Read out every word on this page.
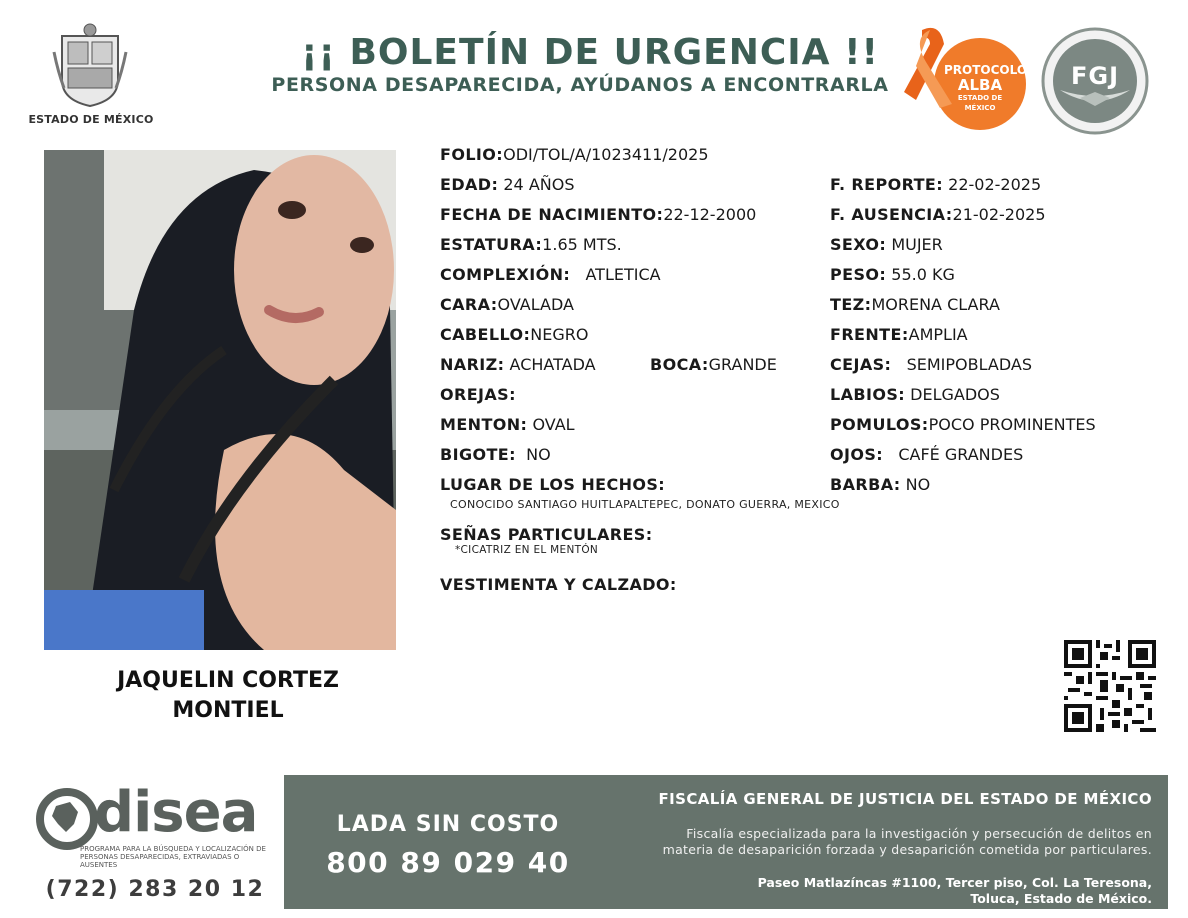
ESTADO DE MÉXICO
¡¡ BOLETÍN DE URGENCIA !!
PERSONA DESAPARECIDA, AYÚDANOS A ENCONTRARLA
PROTOCOLO
ALBA
ESTADO DE MÉXICO
FGJ
JAQUELIN CORTEZ
MONTIEL
FOLIO:ODI/TOL/A/1023411/2025
EDAD: 24 AÑOS
FECHA DE NACIMIENTO:22-12-2000
ESTATURA:1.65 MTS.
COMPLEXIÓN: ATLETICA
CARA:OVALADA
CABELLO:NEGRO
NARIZ: ACHATADA	BOCA:GRANDE
OREJAS:
MENTON: OVAL
BIGOTE: NO
LUGAR DE LOS HECHOS:
CONOCIDO SANTIAGO HUITLAPALTEPEC, DONATO GUERRA, MEXICO
SEÑAS PARTICULARES:
*CICATRIZ EN EL MENTÓN
VESTIMENTA Y CALZADO:
F. REPORTE: 22-02-2025
F. AUSENCIA:21-02-2025
SEXO: MUJER
PESO: 55.0 KG
TEZ:MORENA CLARA
FRENTE:AMPLIA
CEJAS: SEMIPOBLADAS
LABIOS: DELGADOS
POMULOS:POCO PROMINENTES
OJOS: CAFÉ GRANDES
BARBA: NO
disea
PROGRAMA PARA LA BÚSQUEDA Y LOCALIZACIÓN DE PERSONAS DESAPARECIDAS, EXTRAVIADAS O AUSENTES
(722) 283 20 12
LADA SIN COSTO
800 89 029 40
FISCALÍA GENERAL DE JUSTICIA DEL ESTADO DE MÉXICO
Fiscalía especializada para la investigación y persecución de delitos en
materia de desaparición forzada y desaparición cometida por particulares.
Paseo Matlazíncas #1100, Tercer piso, Col. La Teresona,
Toluca, Estado de México.
